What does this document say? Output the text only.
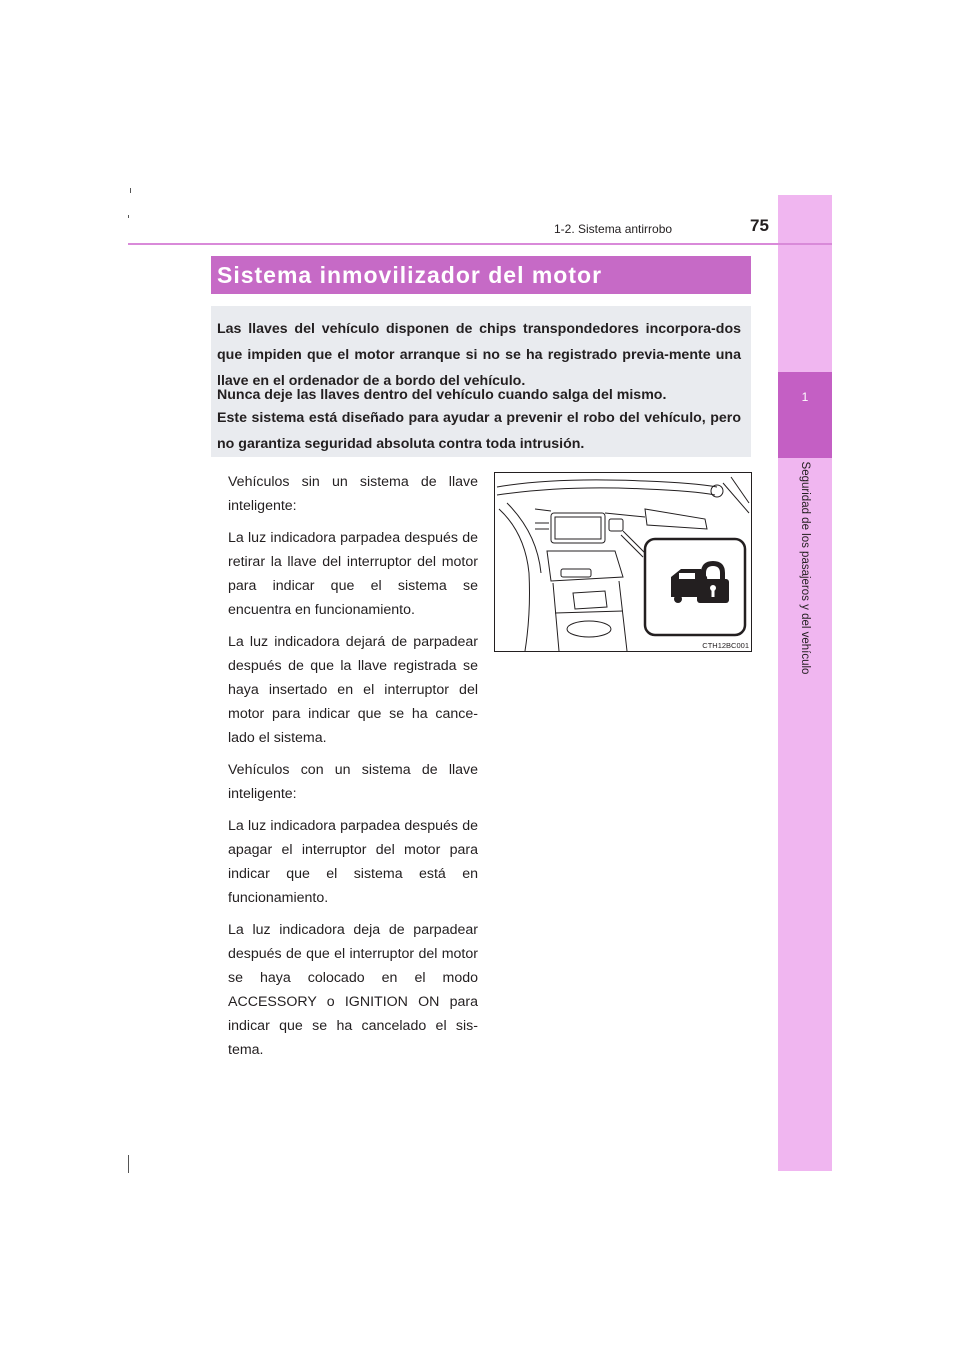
1
Seguridad de los pasajeros y del vehículo
1-2. Sistema antirrobo	75
Sistema inmovilizador del motor

Las llaves del vehículo disponen de chips transpondedores incorpora-dos que impiden que el motor arranque si no se ha registrado previa-mente una llave en el ordenador de a bordo del vehículo.

Nunca deje las llaves dentro del vehículo cuando salga del mismo.

Este sistema está diseñado para ayudar a prevenir el robo del vehículo, pero no garantiza seguridad absoluta contra toda intrusión.

Vehículos sin un sistema de llave inteligente:

La luz indicadora parpadea después de retirar la llave del interruptor del motor para indicar que el sistema se encuentra en funcionamiento.

La luz indicadora dejará de parpadear después de que la llave registrada se haya insertado en el interruptor del motor para indicar que se ha cance-lado el sistema.

Vehículos con un sistema de llave inteligente:

La luz indicadora parpadea después de apagar el interruptor del motor para indicar que el sistema está en funcionamiento.

La luz indicadora deja de parpadear después de que el interruptor del motor se haya colocado en el modo ACCESSORY o IGNITION ON para indicar que se ha cancelado el sis-tema.

CTH12BC001
